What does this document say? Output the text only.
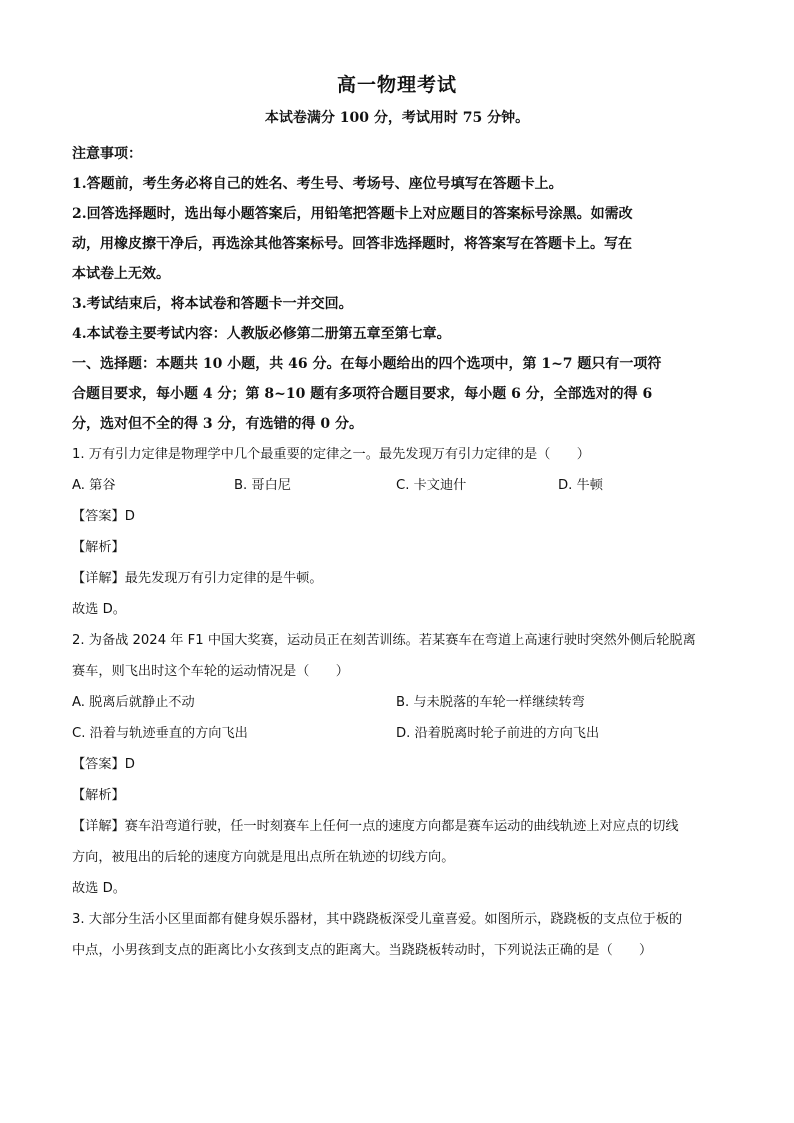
高一物理考试
本试卷满分 100 分，考试用时 75 分钟。

注意事项：

1.答题前，考生务必将自己的姓名、考生号、考场号、座位号填写在答题卡上。

2.回答选择题时，选出每小题答案后，用铅笔把答题卡上对应题目的答案标号涂黑。如需改

动，用橡皮擦干净后，再选涂其他答案标号。回答非选择题时，将答案写在答题卡上。写在

本试卷上无效。

3.考试结束后，将本试卷和答题卡一并交回。

4.本试卷主要考试内容：人教版必修第二册第五章至第七章。

一、选择题：本题共 10 小题，共 46 分。在每小题给出的四个选项中，第 1~7 题只有一项符

合题目要求，每小题 4 分；第 8~10 题有多项符合题目要求，每小题 6 分，全部选对的得 6

分，选对但不全的得 3 分，有选错的得 0 分。

1. 万有引力定律是物理学中几个最重要的定律之一。最先发现万有引力定律的是（　　）

A. 第谷	B. 哥白尼	C. 卡文迪什	D. 牛顿

【答案】D

【解析】

【详解】最先发现万有引力定律的是牛顿。

故选 D。

2. 为备战 2024 年 F1 中国大奖赛，运动员正在刻苦训练。若某赛车在弯道上高速行驶时突然外侧后轮脱离

赛车，则飞出时这个车轮的运动情况是（　　）

A. 脱离后就静止不动	B. 与未脱落的车轮一样继续转弯
C. 沿着与轨迹垂直的方向飞出	D. 沿着脱离时轮子前进的方向飞出

【答案】D

【解析】

【详解】赛车沿弯道行驶，任一时刻赛车上任何一点的速度方向都是赛车运动的曲线轨迹上对应点的切线

方向，被甩出的后轮的速度方向就是甩出点所在轨迹的切线方向。

故选 D。

3. 大部分生活小区里面都有健身娱乐器材，其中跷跷板深受儿童喜爱。如图所示，跷跷板的支点位于板的

中点，小男孩到支点的距离比小女孩到支点的距离大。当跷跷板转动时，下列说法正确的是（　　）
